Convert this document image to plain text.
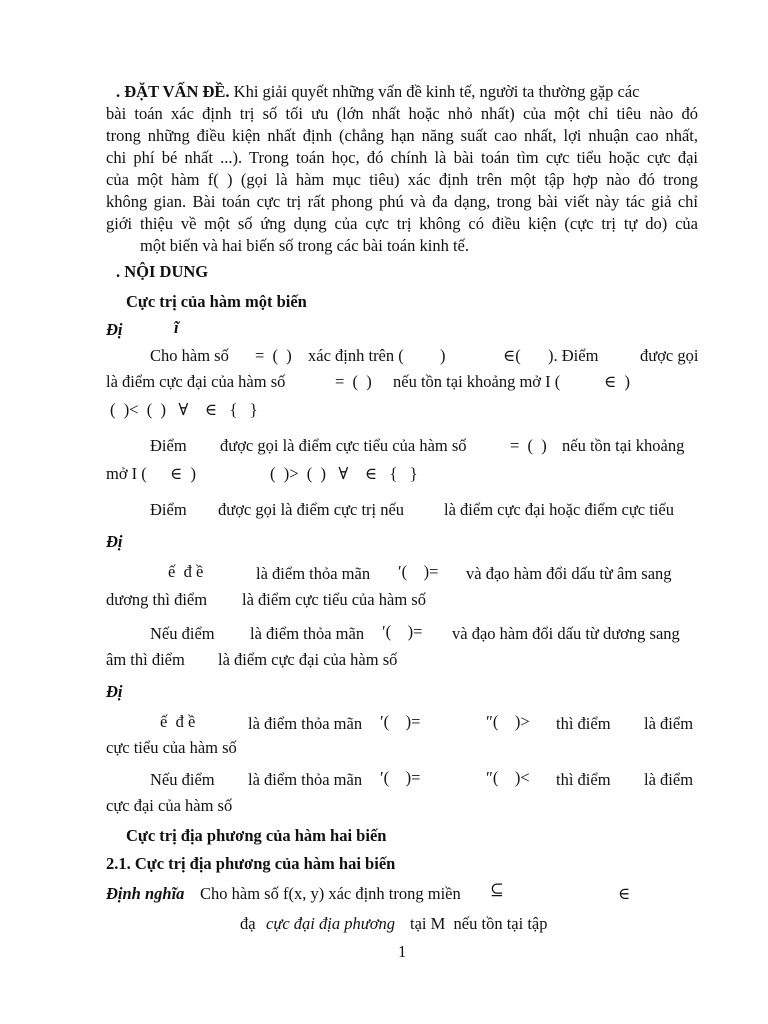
. ĐẶT VẤN ĐỀ. Khi giải quyết những vấn đề kinh tế, người ta thường gặp các
bài toán xác định trị số tối ưu (lớn nhất hoặc nhỏ nhất) của một chỉ tiêu nào đó
trong những điều kiện nhất định (chẳng hạn năng suất cao nhất, lợi nhuận cao nhất,
chi phí bé nhất ...). Trong toán học, đó chính là bài toán tìm cực tiểu hoặc cực đại
của một hàm f( ) (gọi là hàm mục tiêu) xác định trên một tập hợp nào đó trong
không gian. Bài toán cực trị rất phong phú và đa dạng, trong bài viết này tác giả chỉ
giới thiệu về một số ứng dụng của cực trị không có điều kiện (cực trị tự do) của
một biến và hai biến số trong các bài toán kinh tế.
. NỘI DUNG
Cực trị của hàm một biến
Đị	ĩ
Cho hàm số =  (  ) xác định trên ( )	∈( ). Điểm	được gọi
là điểm cực đại của hàm số	=  (  ) nếu tồn tại khoảng mở I (	∈  )
(  )<  (  )   ∀    ∈   {   }
Điểm được gọi là điểm cực tiểu của hàm số	=  (  ) nếu tồn tại khoảng
mở I ( ∈  )	(  )>  (  )   ∀    ∈   {   }
Điểm được gọi là điểm cực trị nếu là điểm cực đại hoặc điểm cực tiểu
Đị
ế  đ ề	là điểm thỏa mãn ′(    )= và đạo hàm đổi dấu từ âm sang
dương thì điểm là điểm cực tiểu của hàm số
Nếu điểm là điểm thỏa mãn ′(    )= và đạo hàm đổi dấu từ dương sang
âm thì điểm là điểm cực đại của hàm số
Đị
ế  đ ề	là điểm thỏa mãn ′(    )=	″(    )> thì điểm là điểm
cực tiểu của hàm số
Nếu điểm là điểm thỏa mãn ′(    )=	″(    )< thì điểm là điểm
cực đại của hàm số
Cực trị địa phương của hàm hai biến
2.1. Cực trị địa phương của hàm hai biến
Định nghĩa Cho hàm số f(x, y) xác định trong miền ⊆	∈
đạ cực đại địa phương tại M  nếu tồn tại tập
1
